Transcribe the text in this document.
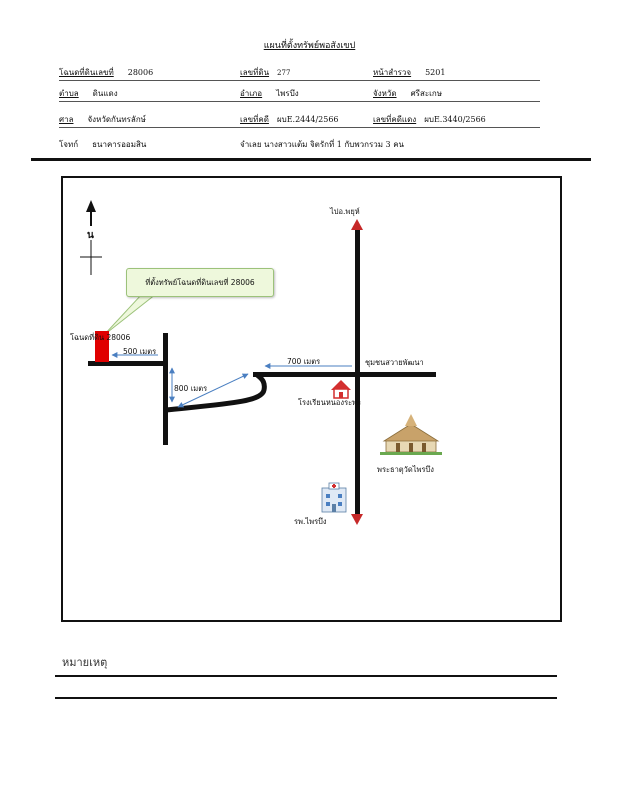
แผนที่ตั้งทรัพย์พอสังเขป
โฉนดที่ดินเลขที่ 28006	เลขที่ดิน 277	หน้าสำรวจ 5201
ตำบล ดินแดง	อำเภอ ไพรบึง	จังหวัด ศรีสะเกษ
ศาล จังหวัดกันทรลักษ์	เลขที่คดี ผบE.2444/2566	เลขที่คดีแดง ผบE.3440/2566
โจทก์ ธนาคารออมสิน	จำเลย นางสาวแต้ม จิตรักที่ 1 กับพวกรวม 3 คน
น
ที่ตั้งทรัพย์โฉนดที่ดินเลขที่ 28006
โฉนดที่ดิน 28006
500 เมตร
800 เมตร
700 เมตร
ไปอ.พยุห์
ชุมชนสวายพัฒนา
โรงเรียนหนองระพะ
พระธาตุวัดไพรบึง
รพ.ไพรบึง
หมายเหตุ
